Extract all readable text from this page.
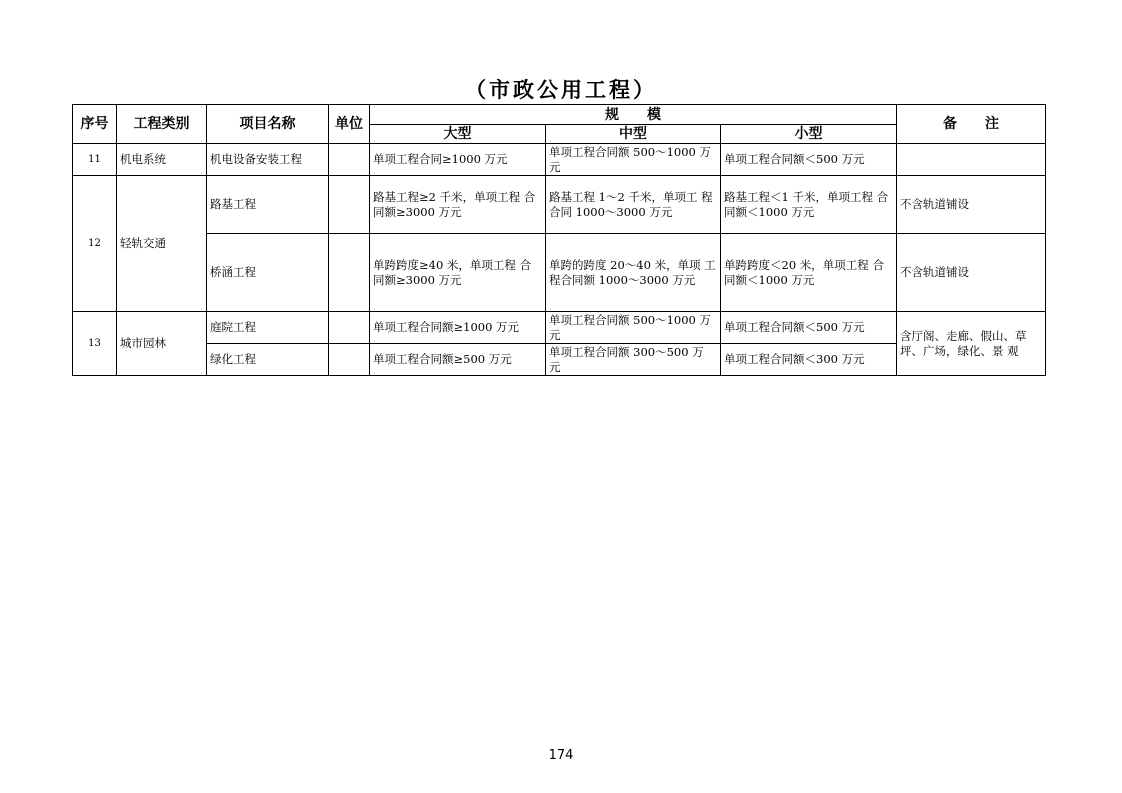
（市政公用工程）
序号	工程类别	项目名称	单位	规　　模			备　　注
				大型	中型	小型	
11	机电系统	机电设备安装工程		单项工程合同≥1000 万元	单项工程合同额 500～1000 万 元	单项工程合同额＜500 万元	
12	轻轨交通	路基工程		路基工程≥2 千米，单项工程 合同额≥3000 万元	路基工程 1～2 千米，单项工 程合同 1000～3000 万元	路基工程＜1 千米，单项工程 合同额＜1000 万元	不含轨道铺设
		桥涵工程		单跨跨度≥40 米，单项工程 合同额≥3000 万元	单跨的跨度 20～40 米，单项 工程合同额 1000～3000 万元	单跨跨度＜20 米，单项工程 合同额＜1000 万元	不含轨道铺设
13	城市园林	庭院工程		单项工程合同额≥1000 万元	单项工程合同额 500～1000 万 元	单项工程合同额＜500 万元	含厅阁、走廊、假山、草坪、广场，绿化、景 观
		绿化工程		单项工程合同额≥500 万元	单项工程合同额 300～500 万 元	单项工程合同额＜300 万元	
174
